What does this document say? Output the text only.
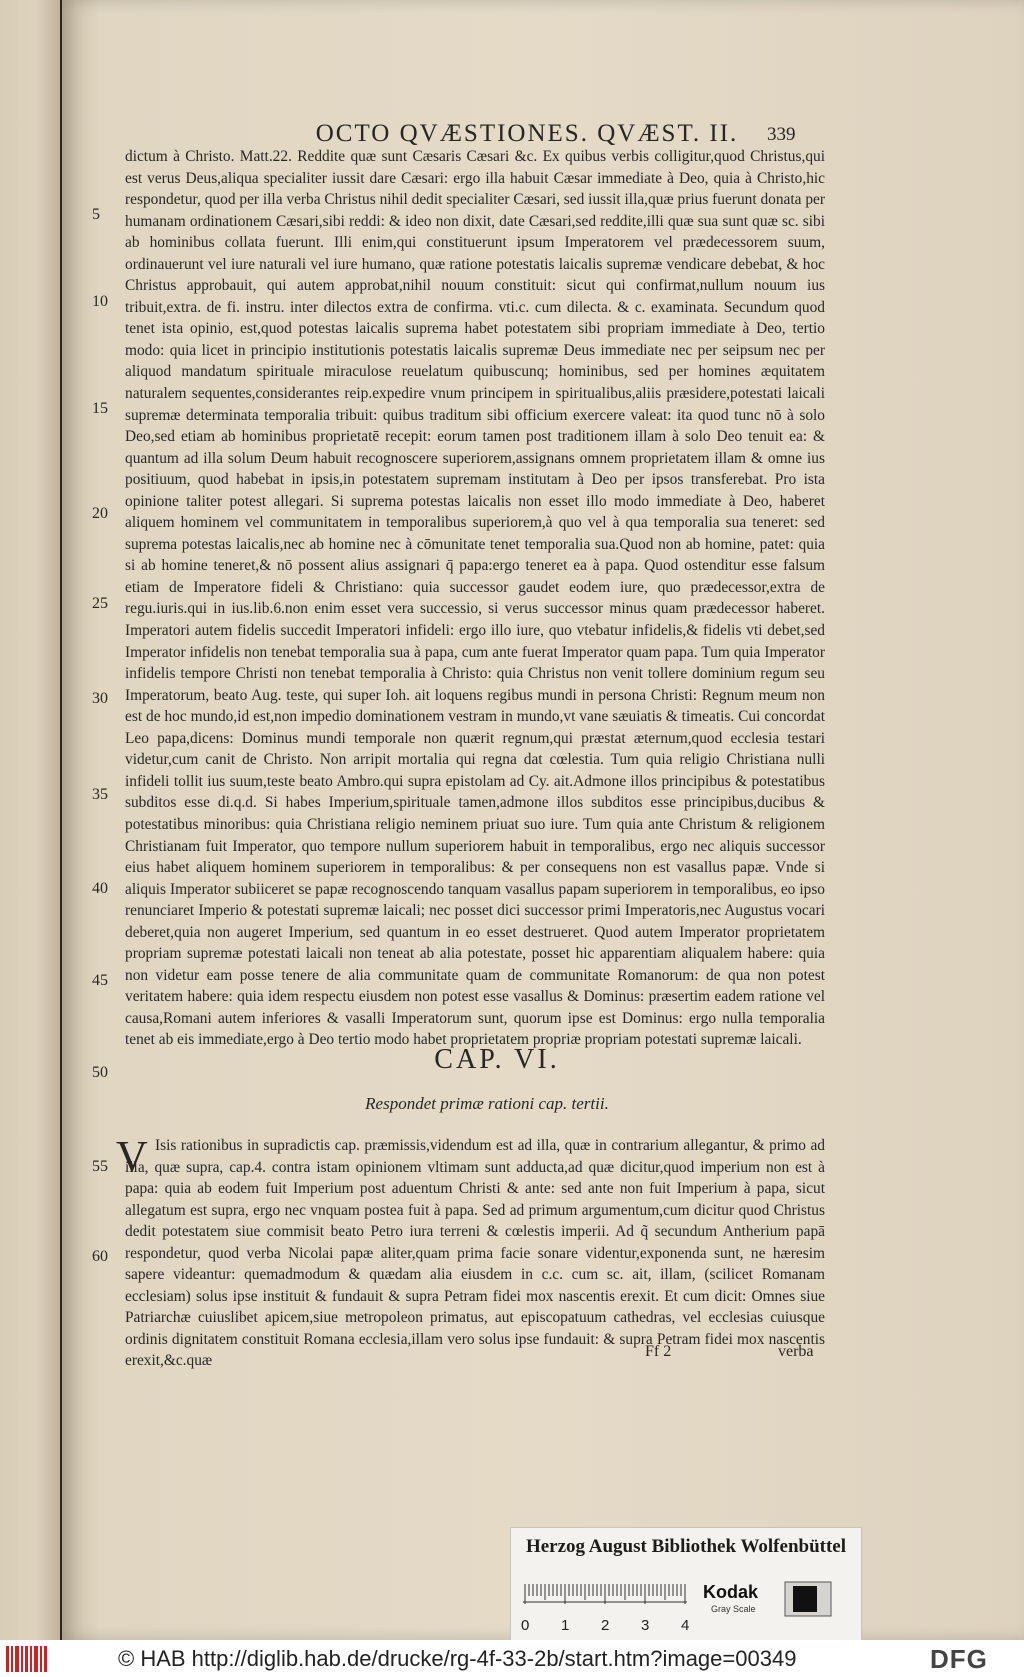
OCTO QVÆSTIONES. QVÆST. II.	339
5
10
15
20
25
30
35
40
45
50
55
60
dictum à Christo. Matt.22. Reddite quæ sunt Cæsaris Cæsari &c. Ex quibus verbis colligitur,quod Christus,qui est verus Deus,aliqua specialiter iussit dare Cæsari: ergo illa habuit Cæsar immediate à Deo, quia à Christo,hic respondetur, quod per illa verba Christus nihil dedit specialiter Cæsari, sed iussit illa,quæ prius fuerunt donata per humanam ordinationem Cæsari,sibi reddi: & ideo non dixit, date Cæsari,sed reddite,illi quæ sua sunt quæ sc. sibi ab hominibus collata fuerunt. Illi enim,qui constituerunt ipsum Imperatorem vel prædecessorem suum, ordinauerunt vel iure naturali vel iure humano, quæ ratione potestatis laicalis supremæ vendicare debebat, & hoc Christus approbauit, qui autem approbat,nihil nouum constituit: sicut qui confirmat,nullum nouum ius tribuit,extra. de fi. instru. inter dilectos extra de confirma. vti.c. cum dilecta. & c. examinata. Secundum quod tenet ista opinio, est,quod potestas laicalis suprema habet potestatem sibi propriam immediate à Deo, tertio modo: quia licet in principio institutionis potestatis laicalis supremæ Deus immediate nec per seipsum nec per aliquod mandatum spirituale miraculose reuelatum quibuscunq; hominibus, sed per homines æquitatem naturalem sequentes,considerantes reip.expedire vnum principem in spiritualibus,aliis præsidere,potestati laicali supremæ determinata temporalia tribuit: quibus traditum sibi officium exercere valeat: ita quod tunc nō à solo Deo,sed etiam ab hominibus proprietatē recepit: eorum tamen post traditionem illam à solo Deo tenuit ea: & quantum ad illa solum Deum habuit recognoscere superiorem,assignans omnem proprietatem illam & omne ius positiuum, quod habebat in ipsis,in potestatem supremam institutam à Deo per ipsos transferebat. Pro ista opinione taliter potest allegari. Si suprema potestas laicalis non esset illo modo immediate à Deo, haberet aliquem hominem vel communitatem in temporalibus superiorem,à quo vel à qua temporalia sua teneret: sed suprema potestas laicalis,nec ab homine nec à cōmunitate tenet temporalia sua.Quod non ab homine, patet: quia si ab homine teneret,& nō possent alius assignari q̄ papa:ergo teneret ea à papa. Quod ostenditur esse falsum etiam de Imperatore fideli & Christiano: quia successor gaudet eodem iure, quo prædecessor,extra de regu.iuris.qui in ius.lib.6.non enim esset vera successio, si verus successor minus quam prædecessor haberet. Imperatori autem fidelis succedit Imperatori infideli: ergo illo iure, quo vtebatur infidelis,& fidelis vti debet,sed Imperator infidelis non tenebat temporalia sua à papa, cum ante fuerat Imperator quam papa. Tum quia Imperator infidelis tempore Christi non tenebat temporalia à Christo: quia Christus non venit tollere dominium regum seu Imperatorum, beato Aug. teste, qui super Ioh. ait loquens regibus mundi in persona Christi: Regnum meum non est de hoc mundo,id est,non impedio dominationem vestram in mundo,vt vane sæuiatis & timeatis. Cui concordat Leo papa,dicens: Dominus mundi temporale non quærit regnum,qui præstat æternum,quod ecclesia testari videtur,cum canit de Christo. Non arripit mortalia qui regna dat cœlestia. Tum quia religio Christiana nulli infideli tollit ius suum,teste beato Ambro.qui supra epistolam ad Cy. ait.Admone illos principibus & potestatibus subditos esse di.q.d. Si habes Imperium,spirituale tamen,admone illos subditos esse principibus,ducibus & potestatibus minoribus: quia Christiana religio neminem priuat suo iure. Tum quia ante Christum & religionem Christianam fuit Imperator, quo tempore nullum superiorem habuit in temporalibus, ergo nec aliquis successor eius habet aliquem hominem superiorem in temporalibus: & per consequens non est vasallus papæ. Vnde si aliquis Imperator subiiceret se papæ recognoscendo tanquam vasallus papam superiorem in temporalibus, eo ipso renunciaret Imperio & potestati supremæ laicali; nec posset dici successor primi Imperatoris,nec Augustus vocari deberet,quia non augeret Imperium, sed quantum in eo esset destrueret. Quod autem Imperator proprietatem propriam supremæ potestati laicali non teneat ab alia potestate, posset hic apparentiam aliqualem habere: quia non videtur eam posse tenere de alia communitate quam de communitate Romanorum: de qua non potest veritatem habere: quia idem respectu eiusdem non potest esse vasallus & Dominus: præsertim eadem ratione vel causa,Romani autem inferiores & vasalli Imperatorum sunt, quorum ipse est Dominus: ergo nulla temporalia tenet ab eis immediate,ergo à Deo tertio modo habet proprietatem propriæ propriam potestati supremæ laicali.
CAP. VI.
Respondet primæ rationi cap. tertii.
V Isis rationibus in supradictis cap. præmissis,videndum est ad illa, quæ in contrarium allegantur, & primo ad illa, quæ supra, cap.4. contra istam opinionem vltimam sunt adducta,ad quæ dicitur,quod imperium non est à papa: quia ab eodem fuit Imperium post aduentum Christi & ante: sed ante non fuit Imperium à papa, sicut allegatum est supra, ergo nec vnquam postea fuit à papa. Sed ad primum argumentum,cum dicitur quod Christus dedit potestatem siue commisit beato Petro iura terreni & cœlestis imperii. Ad q̃ secundum Antherium papā respondetur, quod verba Nicolai papæ aliter,quam prima facie sonare videntur,exponenda sunt, ne hæresim sapere videantur: quemadmodum & quædam alia eiusdem in c.c. cum sc. ait, illam, (scilicet Romanam ecclesiam) solus ipse instituit & fundauit & supra Petram fidei mox nascentis erexit. Et cum dicit: Omnes siue Patriarchæ cuiuslibet apicem,siue metropoleon primatus, aut episcopatuum cathedras, vel ecclesias cuiusque ordinis dignitatem constituit Romana ecclesia,illam vero solus ipse fundauit: & supra Petram fidei mox nascentis erexit,&c.quæ
Ff 2	verba
Herzog August Bibliothek Wolfenbüttel
0 1 2 3 4
Kodak
Gray Scale
© HAB http://diglib.hab.de/drucke/rg-4f-33-2b/start.htm?image=00349	DFG
